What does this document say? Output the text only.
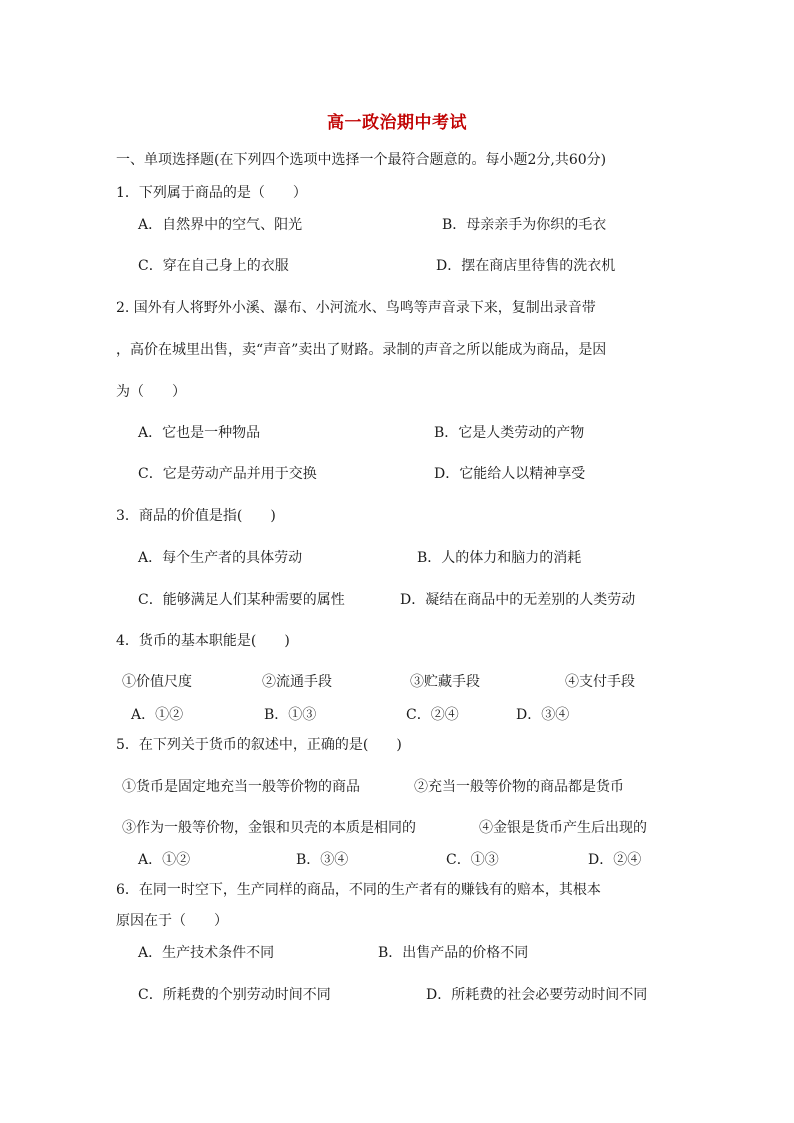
高一政治期中考试
一、单项选择题(在下列四个选项中选择一个最符合题意的。每小题2分,共60分)
1．下列属于商品的是（　　）
A．自然界中的空气、阳光	B．母亲亲手为你织的毛衣
C．穿在自己身上的衣服	D．摆在商店里待售的洗衣机
2. 国外有人将野外小溪、瀑布、小河流水、鸟鸣等声音录下来，复制出录音带
，高价在城里出售，卖“声音”卖出了财路。录制的声音之所以能成为商品，是因
为（　　）
A．它也是一种物品	B．它是人类劳动的产物
C．它是劳动产品并用于交换	D．它能给人以精神享受
3．商品的价值是指(　　)
A．每个生产者的具体劳动	B．人的体力和脑力的消耗
C．能够满足人们某种需要的属性	D．凝结在商品中的无差别的人类劳动
4．货币的基本职能是(　　)
①价值尺度	②流通手段	③贮藏手段	④支付手段
A．①②	B．①③	C．②④	D．③④
5．在下列关于货币的叙述中，正确的是(　　)
①货币是固定地充当一般等价物的商品	②充当一般等价物的商品都是货币
③作为一般等价物，金银和贝壳的本质是相同的	④金银是货币产生后出现的
A．①②	B．③④	C．①③	D．②④
6．在同一时空下，生产同样的商品，不同的生产者有的赚钱有的赔本，其根本
原因在于（　　）
A．生产技术条件不同	B．出售产品的价格不同
C．所耗费的个别劳动时间不同	D．所耗费的社会必要劳动时间不同
